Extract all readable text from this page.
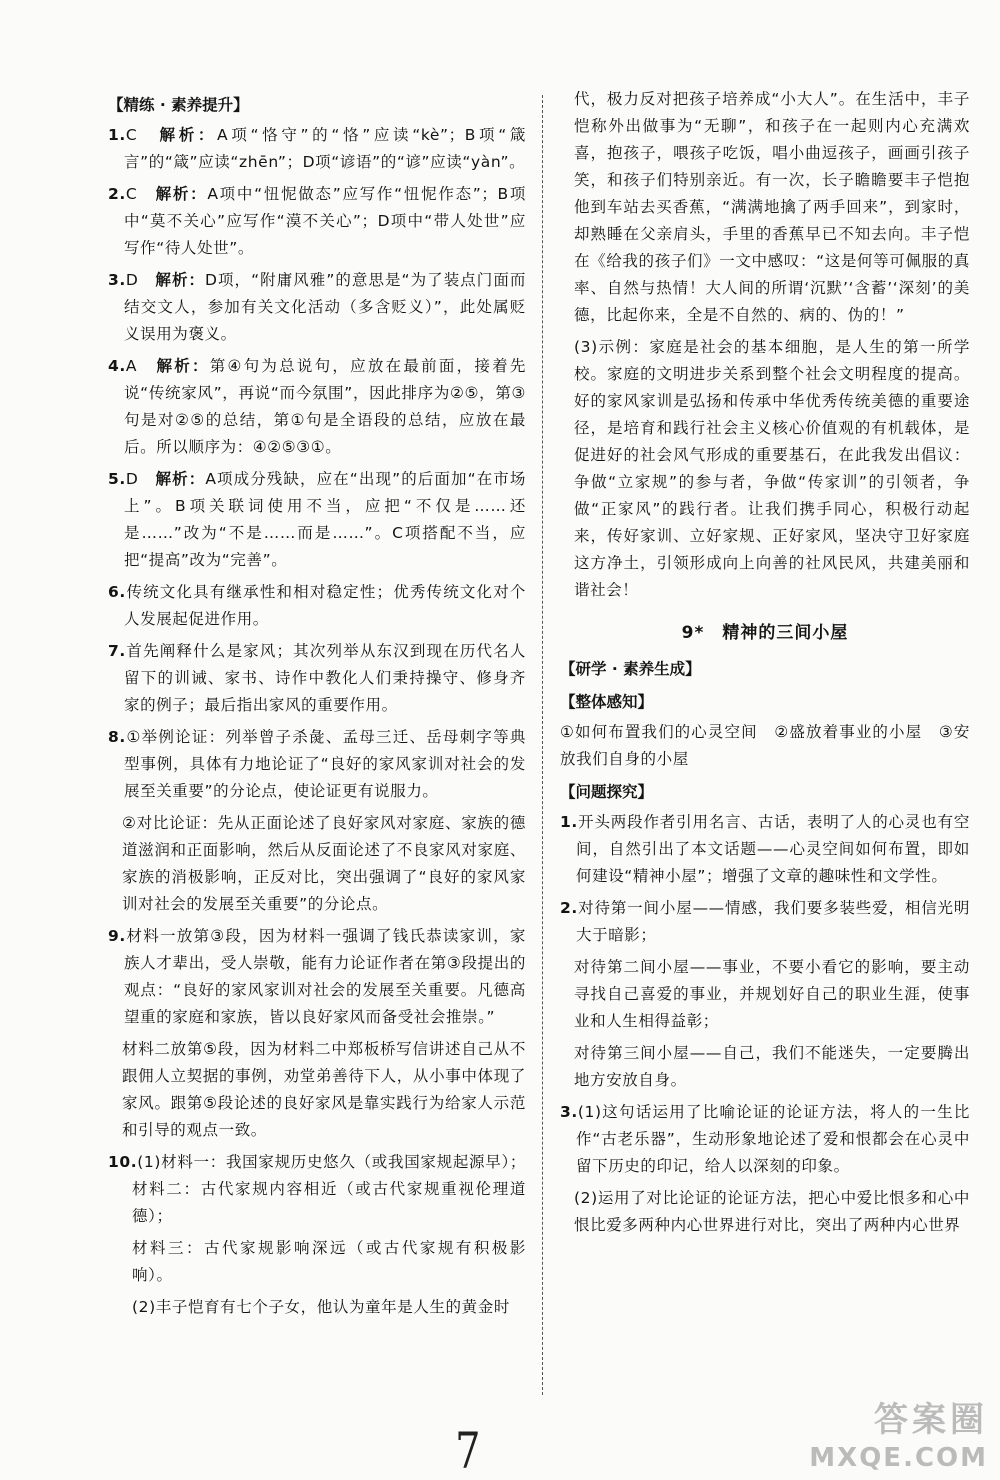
【精练 · 素养提升】
1.C　 解析：A项“恪守”的“恪”应读“kè”；B项“箴言”的“箴”应读“zhēn”；D项“谚语”的“谚”应读“yàn”。
2.C　 解析：A项中“忸怩做态”应写作“忸怩作态”；B项中“莫不关心”应写作“漠不关心”；D项中“带人处世”应写作“待人处世”。
3.D　 解析：D项，“附庸风雅”的意思是“为了装点门面而结交文人，参加有关文化活动（多含贬义）”，此处属贬义误用为褒义。
4.A　 解析：第④句为总说句，应放在最前面，接着先说“传统家风”，再说“而今氛围”，因此排序为②⑤，第③句是对②⑤的总结，第①句是全语段的总结，应放在最后。所以顺序为：④②⑤③①。
5.D　 解析：A项成分残缺，应在“出现”的后面加“在市场上”。B项关联词使用不当，应把“不仅是……还是……”改为“不是……而是……”。C项搭配不当，应把“提高”改为“完善”。
6.传统文化具有继承性和相对稳定性；优秀传统文化对个人发展起促进作用。
7.首先阐释什么是家风；其次列举从东汉到现在历代名人留下的训诫、家书、诗作中教化人们秉持操守、修身齐家的例子；最后指出家风的重要作用。
8.①举例论证：列举曾子杀彘、孟母三迁、岳母刺字等典型事例，具体有力地论证了“良好的家风家训对社会的发展至关重要”的分论点，使论证更有说服力。
②对比论证：先从正面论述了良好家风对家庭、家族的德道滋润和正面影响，然后从反面论述了不良家风对家庭、家族的消极影响，正反对比，突出强调了“良好的家风家训对社会的发展至关重要”的分论点。
9.材料一放第③段，因为材料一强调了钱氏恭读家训，家族人才辈出，受人崇敬，能有力论证作者在第③段提出的观点：“良好的家风家训对社会的发展至关重要。凡德高望重的家庭和家族，皆以良好家风而备受社会推崇。”
材料二放第⑤段，因为材料二中郑板桥写信讲述自己从不跟佣人立契据的事例，劝堂弟善待下人，从小事中体现了家风。跟第⑤段论述的良好家风是靠实践行为给家人示范和引导的观点一致。
10.(1)材料一：我国家规历史悠久（或我国家规起源早）；材料二：古代家规内容相近（或古代家规重视伦理道德）；
材料三：古代家规影响深远（或古代家规有积极影响）。
(2)丰子恺育有七个子女，他认为童年是人生的黄金时
代，极力反对把孩子培养成“小大人”。在生活中，丰子恺称外出做事为“无聊”，和孩子在一起则内心充满欢喜，抱孩子，喂孩子吃饭，唱小曲逗孩子，画画引孩子笑，和孩子们特别亲近。有一次，长子瞻瞻要丰子恺抱他到车站去买香蕉，“满满地擒了两手回来”，到家时，却熟睡在父亲肩头，手里的香蕉早已不知去向。丰子恺在《给我的孩子们》一文中感叹：“这是何等可佩服的真率、自然与热情！大人间的所谓‘沉默’‘含蓄’‘深刻’的美德，比起你来，全是不自然的、病的、伪的！”
(3)示例：家庭是社会的基本细胞，是人生的第一所学校。家庭的文明进步关系到整个社会文明程度的提高。好的家风家训是弘扬和传承中华优秀传统美德的重要途径，是培育和践行社会主义核心价值观的有机载体，是促进好的社会风气形成的重要基石，在此我发出倡议：争做“立家规”的参与者，争做“传家训”的引领者，争做“正家风”的践行者。让我们携手同心，积极行动起来，传好家训、立好家规、正好家风，坚决守卫好家庭这方净土，引领形成向上向善的社风民风，共建美丽和谐社会！
9*　精神的三间小屋
【研学 · 素养生成】
【整体感知】
①如何布置我们的心灵空间　②盛放着事业的小屋　③安放我们自身的小屋
【问题探究】
1.开头两段作者引用名言、古话，表明了人的心灵也有空间，自然引出了本文话题——心灵空间如何布置，即如何建设“精神小屋”；增强了文章的趣味性和文学性。
2.对待第一间小屋——情感，我们要多装些爱，相信光明大于暗影；
对待第二间小屋——事业，不要小看它的影响，要主动寻找自己喜爱的事业，并规划好自己的职业生涯，使事业和人生相得益彰；
对待第三间小屋——自己，我们不能迷失，一定要腾出地方安放自身。
3.(1)这句话运用了比喻论证的论证方法，将人的一生比作“古老乐器”，生动形象地论述了爱和恨都会在心灵中留下历史的印记，给人以深刻的印象。
(2)运用了对比论证的论证方法，把心中爱比恨多和心中恨比爱多两种内心世界进行对比，突出了两种内心世界
7
答案圈
MXQE.COM
